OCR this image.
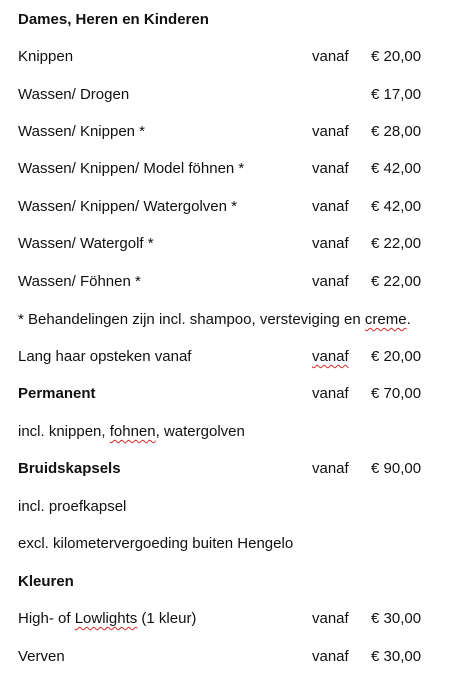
Dames, Heren en Kinderen
Knippen	vanaf € 20,00
Wassen/ Drogen	€ 17,00
Wassen/ Knippen *	vanaf € 28,00
Wassen/ Knippen/ Model föhnen *	vanaf € 42,00
Wassen/ Knippen/ Watergolven *	vanaf € 42,00
Wassen/ Watergolf *	vanaf € 22,00
Wassen/ Föhnen *	vanaf € 22,00
* Behandelingen zijn incl. shampoo, versteviging en creme.
Lang haar opsteken vanaf	vanaf € 20,00
Permanent	vanaf € 70,00
incl. knippen, fohnen, watergolven
Bruidskapsels	vanaf € 90,00
incl. proefkapsel
excl. kilometervergoeding buiten Hengelo
Kleuren
High- of Lowlights (1 kleur)	vanaf € 30,00
Verven	vanaf € 30,00
